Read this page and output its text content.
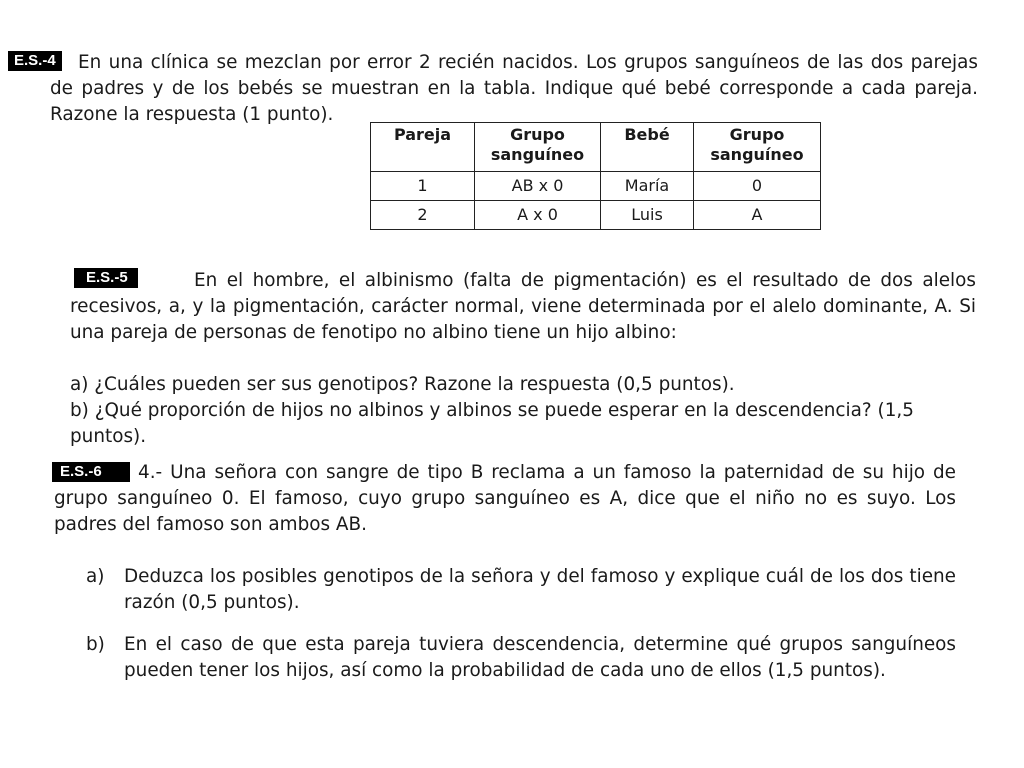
En una clínica se mezclan por error 2 recién nacidos. Los grupos sanguíneos de las dos parejas de padres y de los bebés se muestran en la tabla. Indique qué bebé corresponde a cada pareja. Razone la respuesta (1 punto).

E.S.-4
Pareja	Grupo sanguíneo	Bebé	Grupo sanguíneo
1	AB x 0	María	0
2	A x 0	Luis	A

En el hombre, el albinismo (falta de pigmentación) es el resultado de dos alelos recesivos, a, y la pigmentación, carácter normal, viene determinada por el alelo dominante, A. Si una pareja de personas de fenotipo no albino tiene un hijo albino:

a) ¿Cuáles pueden ser sus genotipos? Razone la respuesta (0,5 puntos).

b) ¿Qué proporción de hijos no albinos y albinos se puede esperar en la descendencia? (1,5 puntos).

E.S.-5

4.- Una señora con sangre de tipo B reclama a un famoso la paternidad de su hijo de grupo sanguíneo 0. El famoso, cuyo grupo sanguíneo es A, dice que el niño no es suyo. Los padres del famoso son ambos AB.

a)	Deduzca los posibles genotipos de la señora y del famoso y explique cuál de los dos tiene razón (0,5 puntos).
b)	En el caso de que esta pareja tuviera descendencia, determine qué grupos sanguíneos pueden tener los hijos, así como la probabilidad de cada uno de ellos (1,5 puntos).
E.S.-6
